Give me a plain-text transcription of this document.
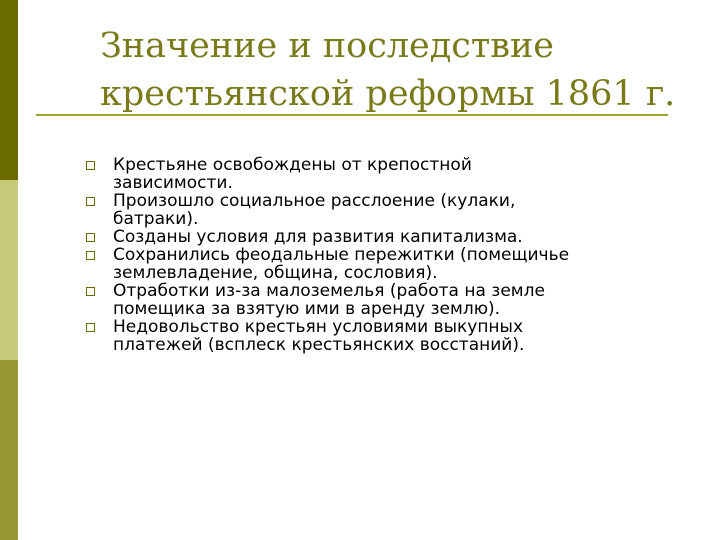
Значение и последствие
крестьянской реформы 1861 г.
Крестьяне освобождены от крепостной
зависимости.
Произошло социальное расслоение (кулаки,
батраки).
Созданы условия для развития капитализма.
Сохранились феодальные пережитки (помещичье
землевладение, община, сословия).
Отработки из-за малоземелья (работа на земле
помещика за взятую ими в аренду землю).
Недовольство крестьян условиями выкупных
платежей (всплеск крестьянских восстаний).
